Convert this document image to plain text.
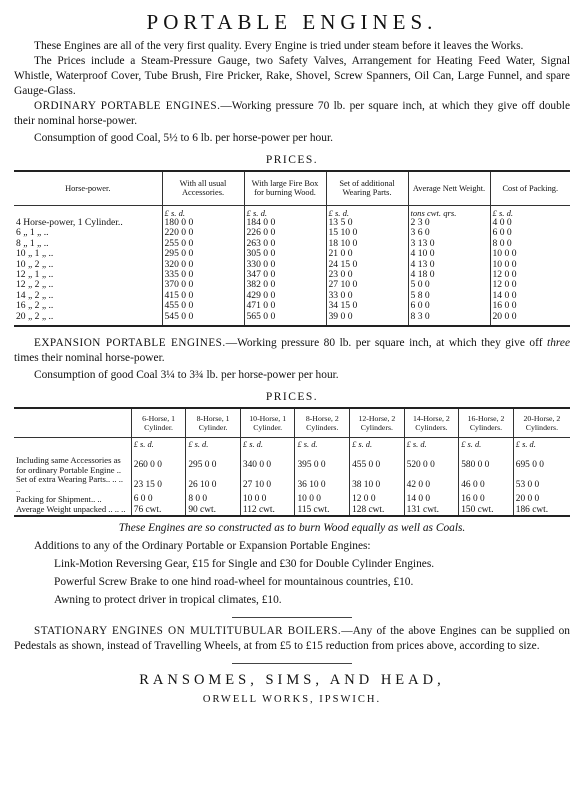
PORTABLE ENGINES.

These Engines are all of the very first quality. Every Engine is tried under steam before it leaves the Works.

The Prices include a Steam-Pressure Gauge, two Safety Valves, Arrangement for Heating Feed Water, Signal Whistle, Waterproof Cover, Tube Brush, Fire Pricker, Rake, Shovel, Screw Spanners, Oil Can, Large Funnel, and spare Gauge-Glass.

ORDINARY PORTABLE ENGINES.—Working pressure 70 lb. per square inch, at which they give off double their nominal horse-power.

Consumption of good Coal, 5½ to 6 lb. per horse-power per hour.

PRICES.
Horse-power.	With all usual Accessories.	With large Fire Box for burning Wood.	Set of additional Wearing Parts.	Average Nett Weight.	Cost of Packing.
	£ s. d.	£ s. d.	£ s. d.	tons cwt. qrs.	£ s. d.
4 Horse-power, 1 Cylinder..	180 0 0	184 0 0	13 5 0	2 3 0	4 0 0
6 „ 1 „ ..	220 0 0	226 0 0	15 10 0	3 6 0	6 0 0
8 „ 1 „ ..	255 0 0	263 0 0	18 10 0	3 13 0	8 0 0
10 „ 1 „ ..	295 0 0	305 0 0	21 0 0	4 10 0	10 0 0
10 „ 2 „ ..	320 0 0	330 0 0	24 15 0	4 13 0	10 0 0
12 „ 1 „ ..	335 0 0	347 0 0	23 0 0	4 18 0	12 0 0
12 „ 2 „ ..	370 0 0	382 0 0	27 10 0	5 0 0	12 0 0
14 „ 2 „ ..	415 0 0	429 0 0	33 0 0	5 8 0	14 0 0
16 „ 2 „ ..	455 0 0	471 0 0	34 15 0	6 0 0	16 0 0
20 „ 2 „ ..	545 0 0	565 0 0	39 0 0	8 3 0	20 0 0

EXPANSION PORTABLE ENGINES.—Working pressure 80 lb. per square inch, at which they give off three times their nominal horse-power.

Consumption of good Coal 3¼ to 3¾ lb. per horse-power per hour.

PRICES.
	6-Horse, 1 Cylinder.	8-Horse, 1 Cylinder.	10-Horse, 1 Cylinder.	8-Horse, 2 Cylinders.	12-Horse, 2 Cylinders.	14-Horse, 2 Cylinders.	16-Horse, 2 Cylinders.	20-Horse, 2 Cylinders.
	£ s. d.	£ s. d.	£ s. d.	£ s. d.	£ s. d.	£ s. d.	£ s. d.	£ s. d.
Including same Accessories as for ordinary Portable Engine ..	260 0 0	295 0 0	340 0 0	395 0 0	455 0 0	520 0 0	580 0 0	695 0 0
Set of extra Wearing Parts.. .. .. ..	23 15 0	26 10 0	27 10 0	36 10 0	38 10 0	42 0 0	46 0 0	53 0 0
Packing for Shipment.. ..	6 0 0	8 0 0	10 0 0	10 0 0	12 0 0	14 0 0	16 0 0	20 0 0
Average Weight unpacked .. .. ..	76 cwt.	90 cwt.	112 cwt.	115 cwt.	128 cwt.	131 cwt.	150 cwt.	186 cwt.

These Engines are so constructed as to burn Wood equally as well as Coals.

Additions to any of the Ordinary Portable or Expansion Portable Engines:

Link-Motion Reversing Gear, £15 for Single and £30 for Double Cylinder Engines.

Powerful Screw Brake to one hind road-wheel for mountainous countries, £10.

Awning to protect driver in tropical climates, £10.

STATIONARY ENGINES ON MULTITUBULAR BOILERS.—Any of the above Engines can be supplied on Pedestals as shown, instead of Travelling Wheels, at from £5 to £15 reduction from prices above, according to size.

RANSOMES, SIMS, AND HEAD,
ORWELL WORKS, IPSWICH.
